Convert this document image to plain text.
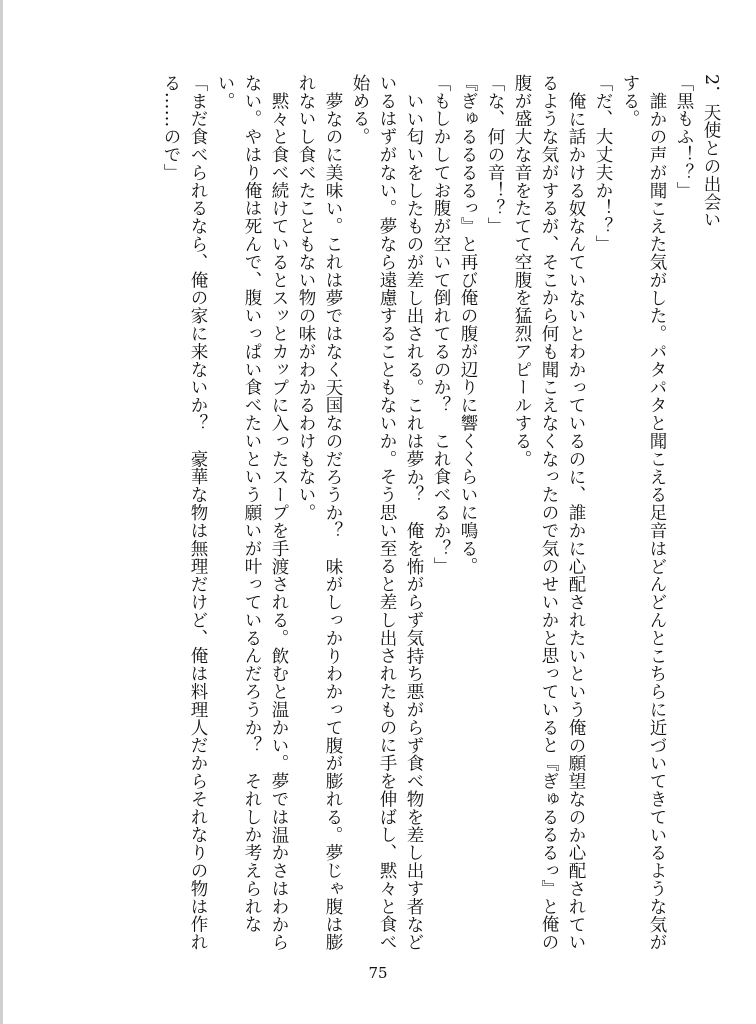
2．天使との出会い

「黒もふ！？」

誰かの声が聞こえた気がした。パタパタと聞こえる足音はどんどんとこちらに近づいてきているような気がする。

「だ、大丈夫か！？」

俺に話かける奴なんていないとわかっているのに、誰かに心配されたいという俺の願望なのか心配されているような気がするが、そこから何も聞こえなくなったので気のせいかと思っていると『ぎゅるるるっ』と俺の腹が盛大な音をたてて空腹を猛烈アピールする。

「な、何の音！？」

『ぎゅるるるるっ』と再び俺の腹が辺りに響くくらいに鳴る。

「もしかしてお腹が空いて倒れてるのか？　これ食べるか？」

いい匂いをしたものが差し出される。これは夢か？　俺を怖がらず気持ち悪がらず食べ物を差し出す者などいるはずがない。夢なら遠慮することもないか。そう思い至ると差し出されたものに手を伸ばし、黙々と食べ始める。

夢なのに美味い。これは夢ではなく天国なのだろうか？　味がしっかりわかって腹が膨れる。夢じゃ腹は膨れないし食べたこともない物の味がわかるわけもない。

黙々と食べ続けているとスッとカップに入ったスープを手渡される。飲むと温かい。夢では温かさはわからない。やはり俺は死んで、腹いっぱい食べたいという願いが叶っているんだろうか？　それしか考えられない。

「まだ食べられるなら、俺の家に来ないか？　豪華な物は無理だけど、俺は料理人だからそれなりの物は作れる……ので」

75
